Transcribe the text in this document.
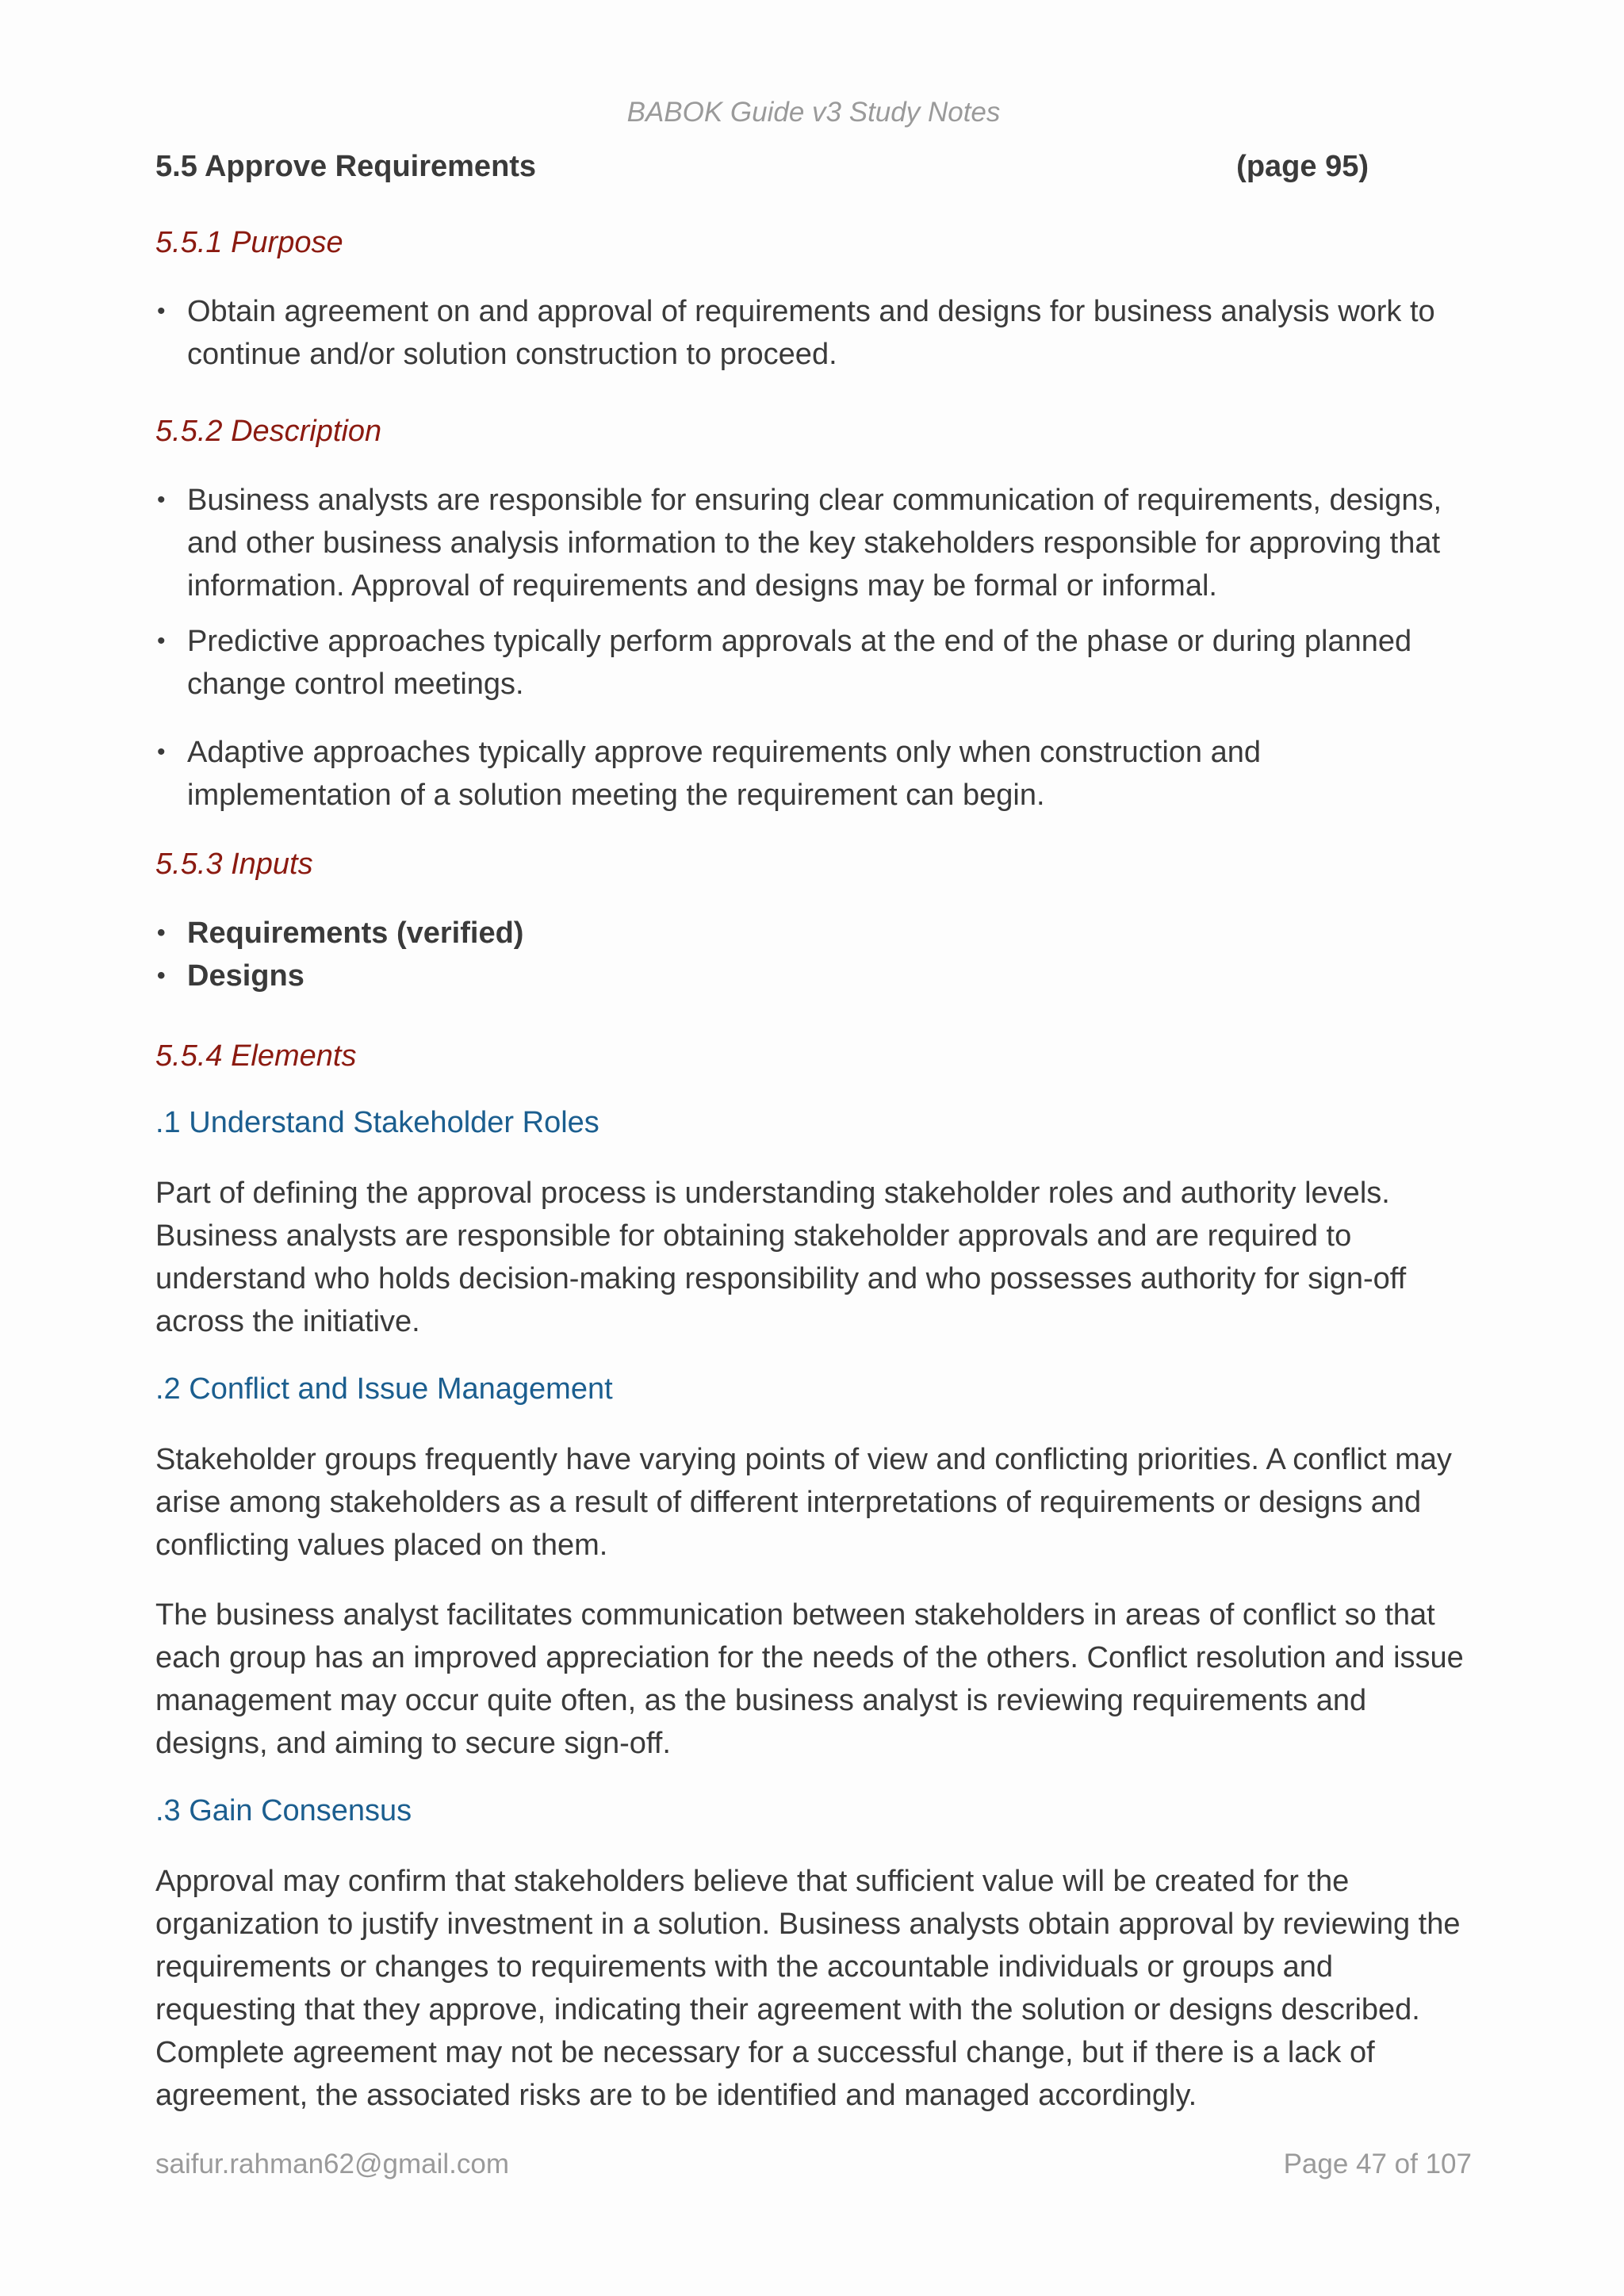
BABOK Guide v3 Study Notes
5.5 Approve Requirements	(page 95)
5.5.1 Purpose
• Obtain agreement on and approval of requirements and designs for business analysis work to continue and/or solution construction to proceed.
5.5.2 Description
• Business analysts are responsible for ensuring clear communication of requirements, designs, and other business analysis information to the key stakeholders responsible for approving that information. Approval of requirements and designs may be formal or informal.
• Predictive approaches typically perform approvals at the end of the phase or during planned change control meetings.
• Adaptive approaches typically approve requirements only when construction and implementation of a solution meeting the requirement can begin.
5.5.3 Inputs
• Requirements (verified)
• Designs
5.5.4 Elements
.1 Understand Stakeholder Roles

Part of defining the approval process is understanding stakeholder roles and authority levels. Business analysts are responsible for obtaining stakeholder approvals and are required to understand who holds decision-making responsibility and who possesses authority for sign-off across the initiative.

.2 Conflict and Issue Management

Stakeholder groups frequently have varying points of view and conflicting priorities. A conflict may arise among stakeholders as a result of different interpretations of requirements or designs and conflicting values placed on them.

The business analyst facilitates communication between stakeholders in areas of conflict so that each group has an improved appreciation for the needs of the others. Conflict resolution and issue management may occur quite often, as the business analyst is reviewing requirements and designs, and aiming to secure sign-off.

.3 Gain Consensus

Approval may confirm that stakeholders believe that sufficient value will be created for the organization to justify investment in a solution. Business analysts obtain approval by reviewing the requirements or changes to requirements with the accountable individuals or groups and requesting that they approve, indicating their agreement with the solution or designs described. Complete agreement may not be necessary for a successful change, but if there is a lack of agreement, the associated risks are to be identified and managed accordingly.

saifur.rahman62@gmail.com	Page 47 of 107
